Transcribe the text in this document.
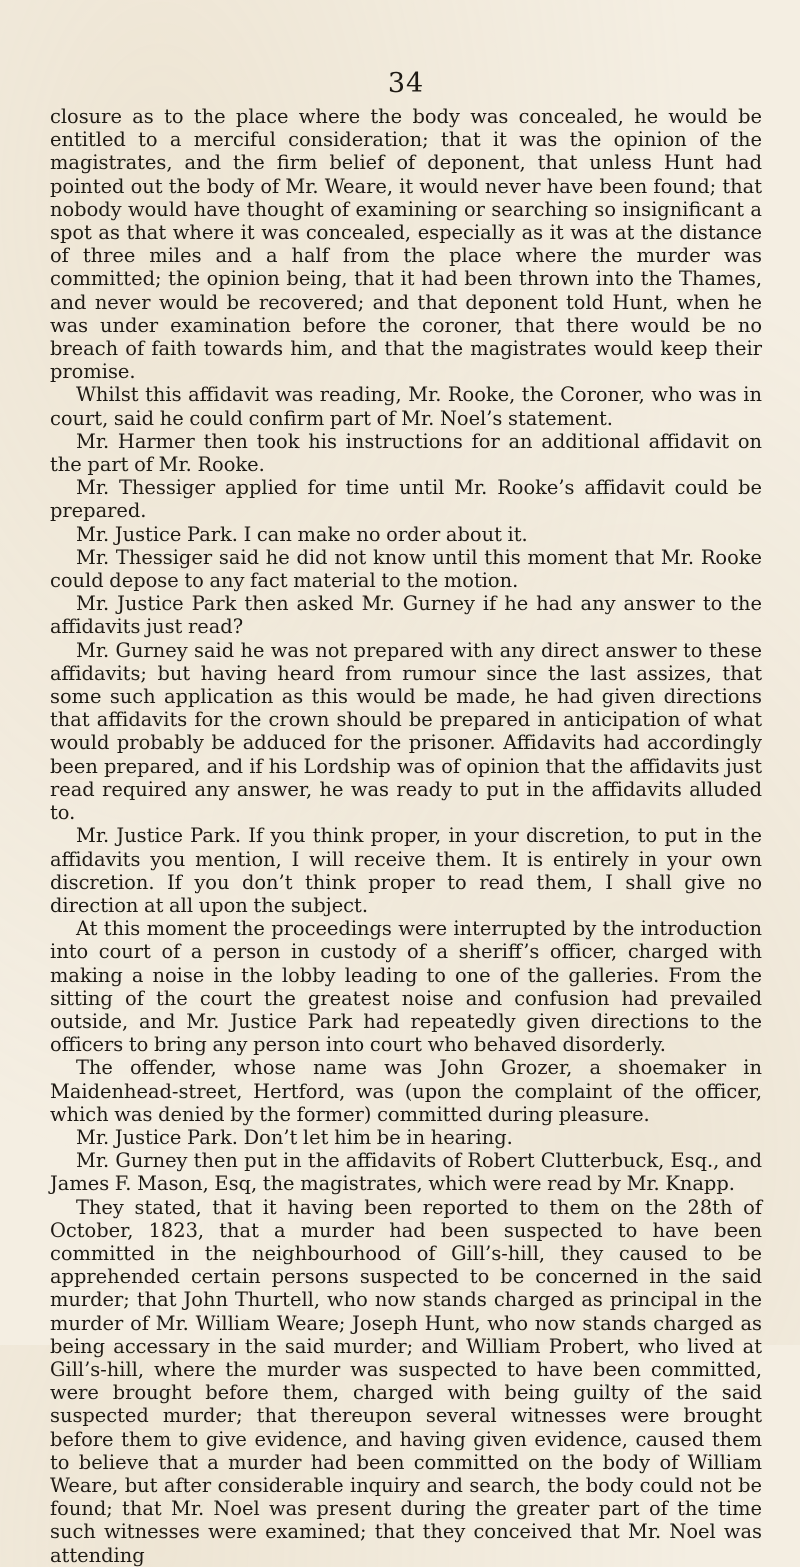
34

closure as to the place where the body was concealed, he would be entitled to a merciful consideration; that it was the opinion of the magistrates, and the firm belief of deponent, that unless Hunt had pointed out the body of Mr. Weare, it would never have been found; that nobody would have thought of examining or searching so insignificant a spot as that where it was concealed, especially as it was at the distance of three miles and a half from the place where the murder was committed; the opinion being, that it had been thrown into the Thames, and never would be recovered; and that deponent told Hunt, when he was under examination before the coroner, that there would be no breach of faith towards him, and that the magistrates would keep their promise.

Whilst this affidavit was reading, Mr. Rooke, the Coroner, who was in court, said he could confirm part of Mr. Noel’s statement.

Mr. Harmer then took his instructions for an additional affidavit on the part of Mr. Rooke.

Mr. Thessiger applied for time until Mr. Rooke’s affidavit could be prepared.

Mr. Justice Park. I can make no order about it.

Mr. Thessiger said he did not know until this moment that Mr. Rooke could depose to any fact material to the motion.

Mr. Justice Park then asked Mr. Gurney if he had any answer to the affidavits just read?

Mr. Gurney said he was not prepared with any direct answer to these affidavits; but having heard from rumour since the last assizes, that some such application as this would be made, he had given directions that affidavits for the crown should be prepared in anticipation of what would probably be adduced for the prisoner. Affidavits had accordingly been prepared, and if his Lordship was of opinion that the affidavits just read required any answer, he was ready to put in the affidavits alluded to.

Mr. Justice Park. If you think proper, in your discretion, to put in the affidavits you mention, I will receive them. It is entirely in your own discretion. If you don’t think proper to read them, I shall give no direction at all upon the subject.

At this moment the proceedings were interrupted by the introduction into court of a person in custody of a sheriff’s officer, charged with making a noise in the lobby leading to one of the galleries. From the sitting of the court the greatest noise and confusion had prevailed outside, and Mr. Justice Park had repeatedly given directions to the officers to bring any person into court who behaved disorderly.

The offender, whose name was John Grozer, a shoemaker in Maidenhead-street, Hertford, was (upon the complaint of the officer, which was denied by the former) committed during pleasure.

Mr. Justice Park. Don’t let him be in hearing.

Mr. Gurney then put in the affidavits of Robert Clutterbuck, Esq., and James F. Mason, Esq, the magistrates, which were read by Mr. Knapp.

They stated, that it having been reported to them on the 28th of October, 1823, that a murder had been suspected to have been committed in the neighbourhood of Gill’s-hill, they caused to be apprehended certain persons suspected to be concerned in the said murder; that John Thurtell, who now stands charged as principal in the murder of Mr. William Weare; Joseph Hunt, who now stands charged as being accessary in the said murder; and William Probert, who lived at Gill’s-hill, where the murder was suspected to have been committed, were brought before them, charged with being guilty of the said suspected murder; that thereupon several witnesses were brought before them to give evidence, and having given evidence, caused them to believe that a murder had been committed on the body of William Weare, but after considerable inquiry and search, the body could not be found; that Mr. Noel was present during the greater part of the time such witnesses were examined; that they conceived that Mr. Noel was attending
